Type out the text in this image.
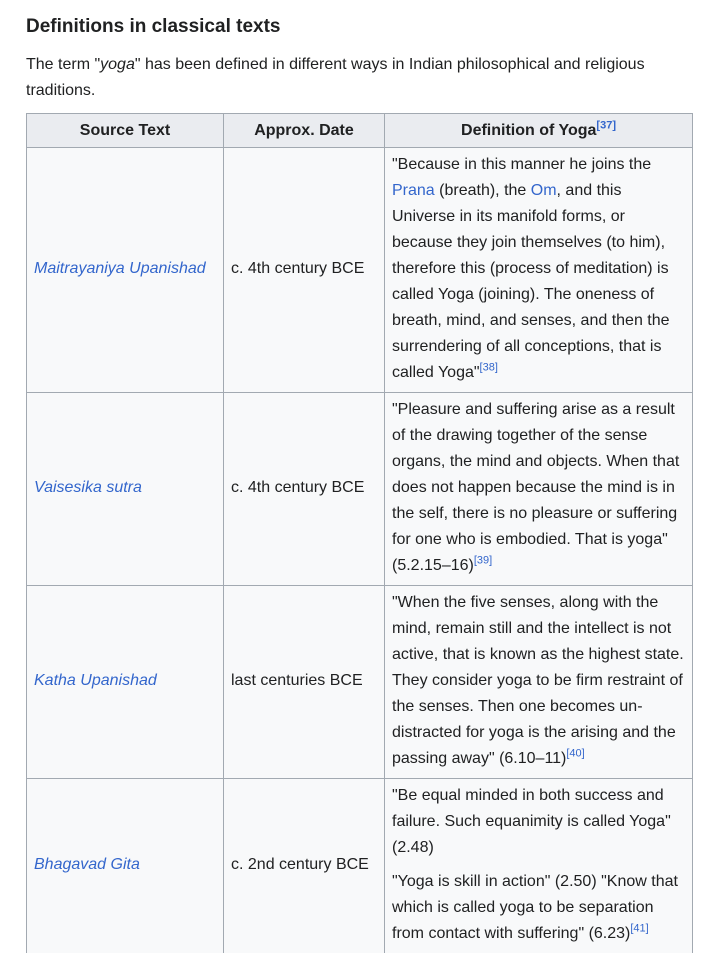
Definitions in classical texts

The term "yoga" has been defined in different ways in Indian philosophical and religious traditions.

Source Text	Approx. Date	Definition of Yoga[37]
Maitrayaniya Upanishad	c. 4th century BCE	"Because in this manner he joins the Prana (breath), the Om, and this Universe in its manifold forms, or because they join themselves (to him), therefore this (process of meditation) is called Yoga (joining). The oneness of breath, mind, and senses, and then the surrendering of all conceptions, that is called Yoga"[38]
Vaisesika sutra	c. 4th century BCE	"Pleasure and suffering arise as a result of the drawing together of the sense organs, the mind and objects. When that does not happen because the mind is in the self, there is no pleasure or suffering for one who is embodied. That is yoga" (5.2.15–16)[39]
Katha Upanishad	last centuries BCE	"When the five senses, along with the mind, remain still and the intellect is not active, that is known as the highest state. They consider yoga to be firm restraint of the senses. Then one becomes un-distracted for yoga is the arising and the passing away" (6.10–11)[40]
Bhagavad Gita	c. 2nd century BCE	"Be equal minded in both success and failure. Such equanimity is called Yoga" (2.48)

"Yoga is skill in action" (2.50) "Know that which is called yoga to be separation from contact with suffering" (6.23)[41]
